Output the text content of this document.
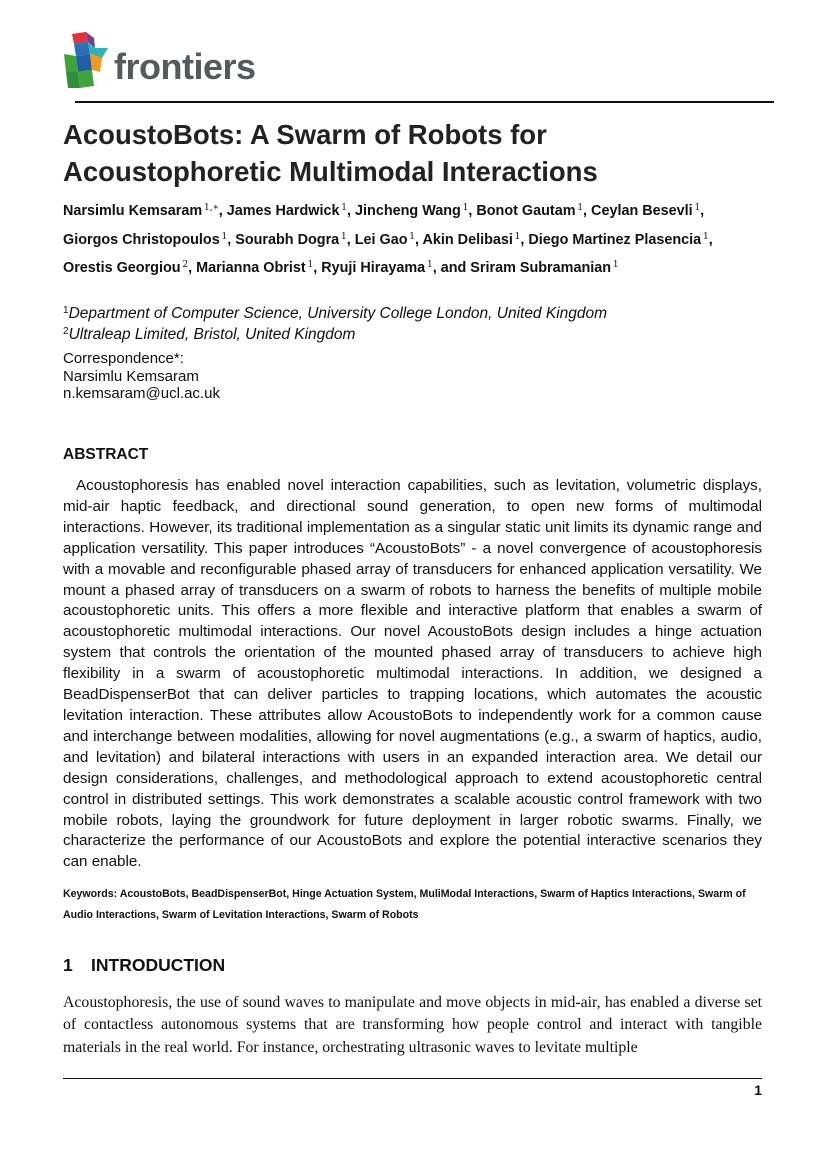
frontiers
AcoustoBots: A Swarm of Robots for Acoustophoretic Multimodal Interactions
Narsimlu Kemsaram $^{1,∗}$, James Hardwick $^1$, Jincheng Wang $^1$, Bonot Gautam $^1$, Ceylan Besevli $^1$, Giorgos Christopoulos $^1$, Sourabh Dogra $^1$, Lei Gao $^1$, Akin Delibasi $^1$, Diego Martinez Plasencia $^1$, Orestis Georgiou $^2$, Marianna Obrist $^1$, Ryuji Hirayama $^1$, and Sriram Subramanian $^1$
$^1$Department of Computer Science, University College London, United Kingdom
$^2$Ultraleap Limited, Bristol, United Kingdom
Correspondence*:
Narsimlu Kemsaram
n.kemsaram@ucl.ac.uk
ABSTRACT

Acoustophoresis has enabled novel interaction capabilities, such as levitation, volumetric displays, mid-air haptic feedback, and directional sound generation, to open new forms of multimodal interactions. However, its traditional implementation as a singular static unit limits its dynamic range and application versatility. This paper introduces “AcoustoBots” - a novel convergence of acoustophoresis with a movable and reconfigurable phased array of transducers for enhanced application versatility. We mount a phased array of transducers on a swarm of robots to harness the benefits of multiple mobile acoustophoretic units. This offers a more flexible and interactive platform that enables a swarm of acoustophoretic multimodal interactions. Our novel AcoustoBots design includes a hinge actuation system that controls the orientation of the mounted phased array of transducers to achieve high flexibility in a swarm of acoustophoretic multimodal interactions. In addition, we designed a BeadDispenserBot that can deliver particles to trapping locations, which automates the acoustic levitation interaction. These attributes allow AcoustoBots to independently work for a common cause and interchange between modalities, allowing for novel augmentations (e.g., a swarm of haptics, audio, and levitation) and bilateral interactions with users in an expanded interaction area. We detail our design considerations, challenges, and methodological approach to extend acoustophoretic central control in distributed settings. This work demonstrates a scalable acoustic control framework with two mobile robots, laying the groundwork for future deployment in larger robotic swarms. Finally, we characterize the performance of our AcoustoBots and explore the potential interactive scenarios they can enable.

Keywords: AcoustoBots, BeadDispenserBot, Hinge Actuation System, MuliModal Interactions, Swarm of Haptics Interactions, Swarm of Audio Interactions, Swarm of Levitation Interactions, Swarm of Robots
1 INTRODUCTION

Acoustophoresis, the use of sound waves to manipulate and move objects in mid-air, has enabled a diverse set of contactless autonomous systems that are transforming how people control and interact with tangible materials in the real world. For instance, orchestrating ultrasonic waves to levitate multiple

1
